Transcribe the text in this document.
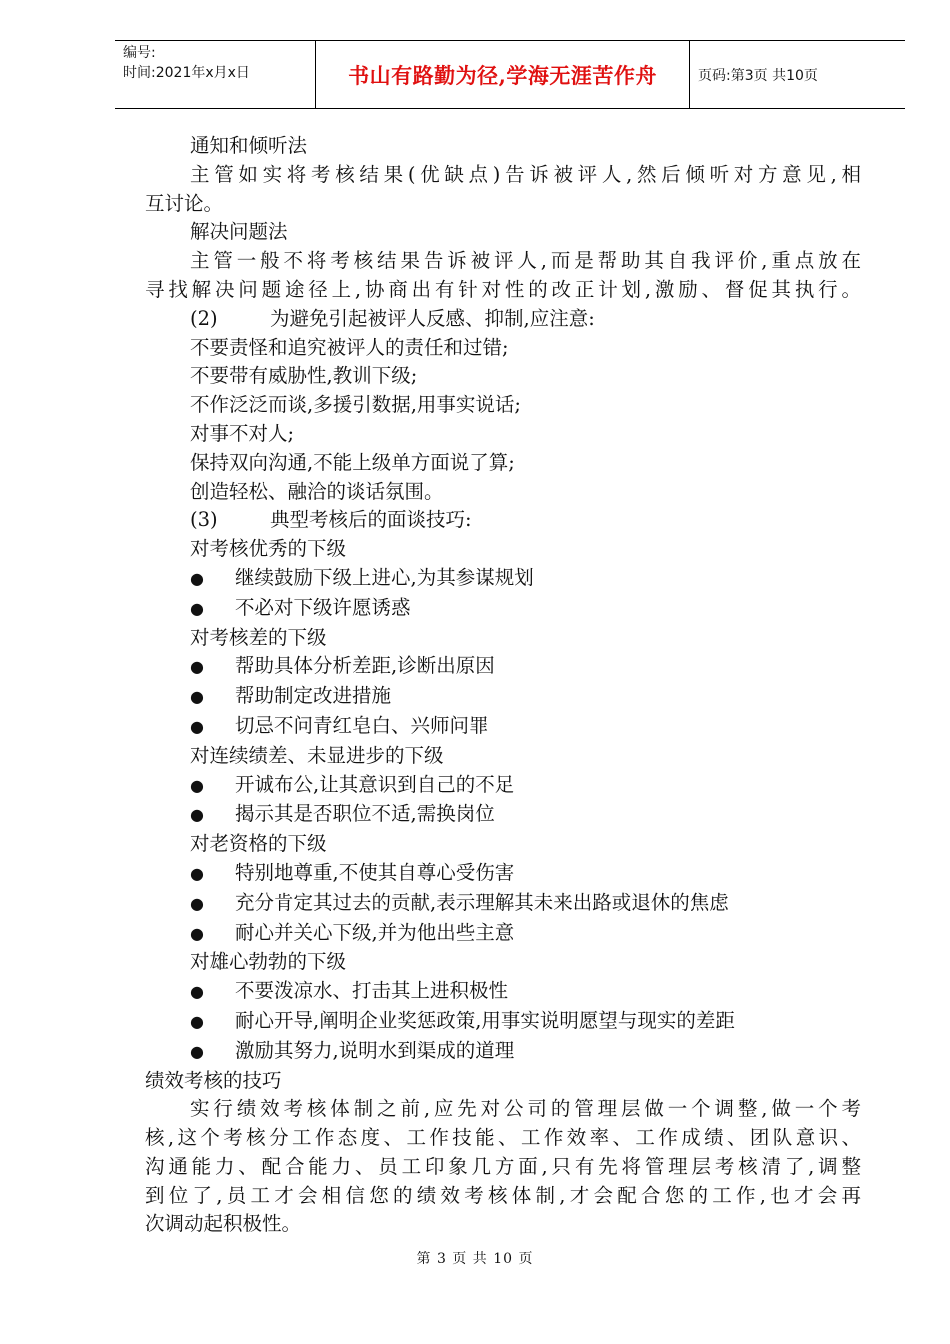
编号:
时间:2021年x月x日	书山有路勤为径,学海无涯苦作舟	页码:第3页 共10页
通知和倾听法
主管如实将考核结果(优缺点)告诉被评人,然后倾听对方意见,相
互讨论。
解决问题法
主管一般不将考核结果告诉被评人,而是帮助其自我评价,重点放在
寻找解决问题途径上,协商出有针对性的改正计划,激励、督促其执行。
(2)	为避免引起被评人反感、抑制,应注意:
不要责怪和追究被评人的责任和过错;
不要带有威胁性,教训下级;
不作泛泛而谈,多援引数据,用事实说话;
对事不对人;
保持双向沟通,不能上级单方面说了算;
创造轻松、融洽的谈话氛围。
(3)	典型考核后的面谈技巧:
对考核优秀的下级
● 继续鼓励下级上进心,为其参谋规划
● 不必对下级许愿诱惑
对考核差的下级
● 帮助具体分析差距,诊断出原因
● 帮助制定改进措施
● 切忌不问青红皂白、兴师问罪
对连续绩差、未显进步的下级
● 开诚布公,让其意识到自己的不足
● 揭示其是否职位不适,需换岗位
对老资格的下级
● 特别地尊重,不使其自尊心受伤害
● 充分肯定其过去的贡献,表示理解其未来出路或退休的焦虑
● 耐心并关心下级,并为他出些主意
对雄心勃勃的下级
● 不要泼凉水、打击其上进积极性
● 耐心开导,阐明企业奖惩政策,用事实说明愿望与现实的差距
● 激励其努力,说明水到渠成的道理
绩效考核的技巧
实行绩效考核体制之前,应先对公司的管理层做一个调整,做一个考
核,这个考核分工作态度、工作技能、工作效率、工作成绩、团队意识、
沟通能力、配合能力、员工印象几方面,只有先将管理层考核清了,调整
到位了,员工才会相信您的绩效考核体制,才会配合您的工作,也才会再
次调动起积极性。
第 3 页 共 10 页
